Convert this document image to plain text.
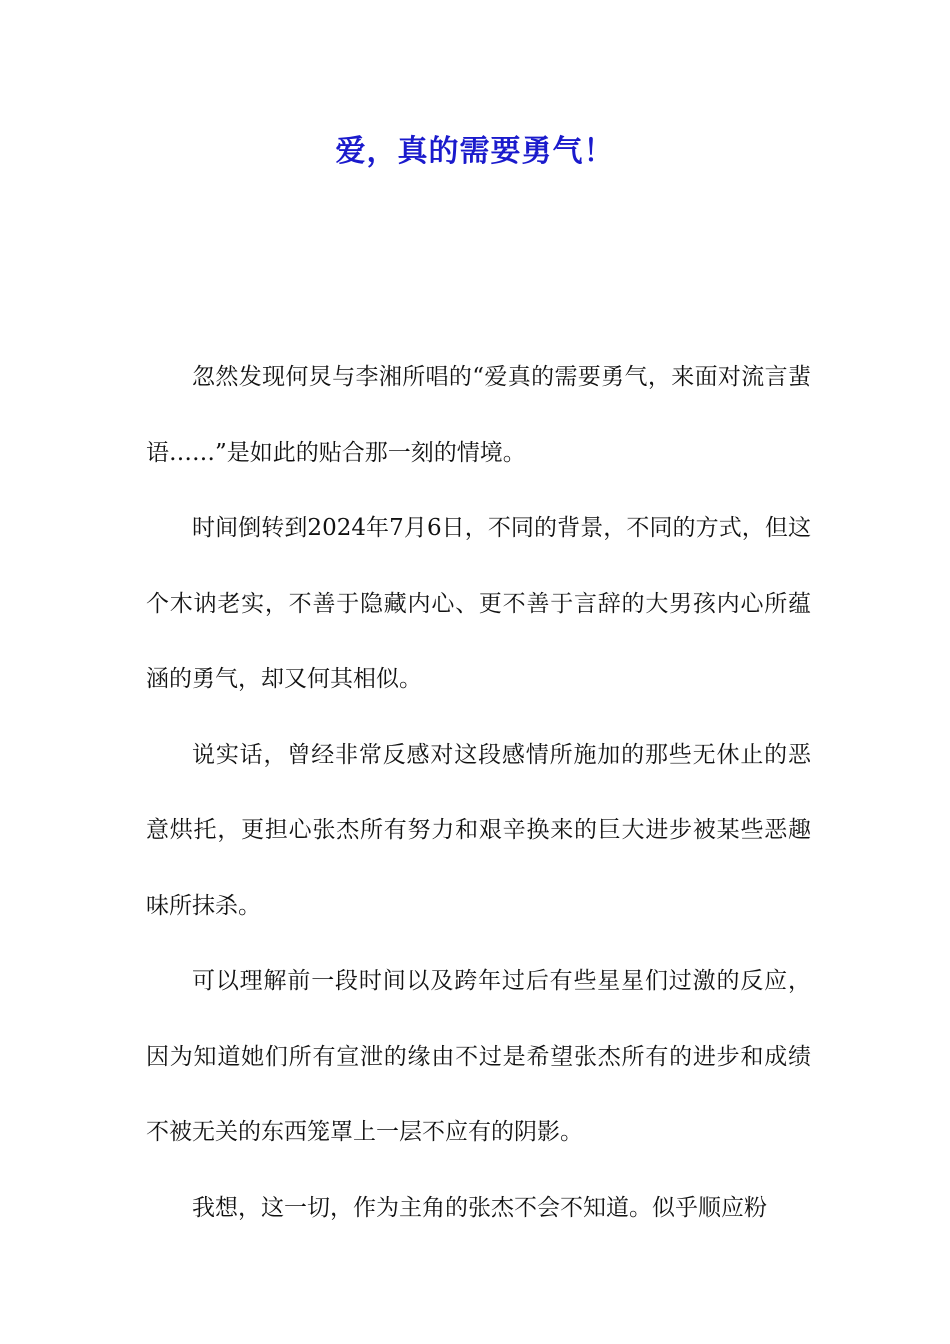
爱，真的需要勇气！

忽然发现何炅与李湘所唱的“爱真的需要勇气，来面对流言蜚语……”是如此的贴合那一刻的情境。

时间倒转到2024年7月6日，不同的背景，不同的方式，但这个木讷老实，不善于隐藏内心、更不善于言辞的大男孩内心所蕴涵的勇气，却又何其相似。

说实话，曾经非常反感对这段感情所施加的那些无休止的恶意烘托，更担心张杰所有努力和艰辛换来的巨大进步被某些恶趣味所抹杀。

可以理解前一段时间以及跨年过后有些星星们过激的反应，因为知道她们所有宣泄的缘由不过是希望张杰所有的进步和成绩不被无关的东西笼罩上一层不应有的阴影。

我想，这一切，作为主角的张杰不会不知道。似乎顺应粉
